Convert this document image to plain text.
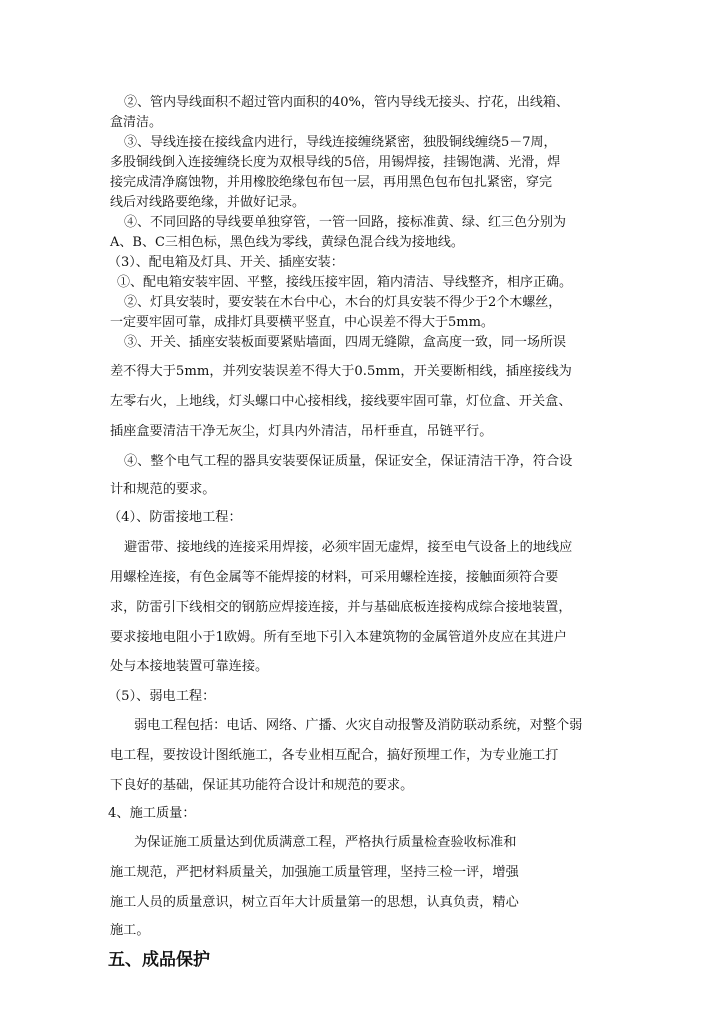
②、管内导线面积不超过管内面积的40%，管内导线无接头、拧花，出线箱、
盒清洁。
③、导线连接在接线盒内进行，导线连接缠绕紧密，独股铜线缠绕5－7周，
多股铜线倒入连接缠绕长度为双根导线的5倍，用锡焊接，挂锡饱满、光滑，焊
接完成清净腐蚀物，并用橡胶绝缘包布包一层，再用黑色包布包扎紧密，穿完
线后对线路要绝缘，并做好记录。
④、不同回路的导线要单独穿管，一管一回路，接标准黄、绿、红三色分别为
A、B、C三相色标，黑色线为零线，黄绿色混合线为接地线。
（3）、配电箱及灯具、开关、插座安装：
①、配电箱安装牢固、平整，接线压接牢固，箱内清洁、导线整齐，相序正确。
②、灯具安装时，要安装在木台中心，木台的灯具安装不得少于2个木螺丝，
一定要牢固可靠，成排灯具要横平竖直，中心误差不得大于5mm。
③、开关、插座安装板面要紧贴墙面，四周无缝隙，盒高度一致，同一场所误
差不得大于5mm，并列安装误差不得大于0.5mm，开关要断相线，插座接线为
左零右火，上地线，灯头螺口中心接相线，接线要牢固可靠，灯位盒、开关盒、
插座盒要清洁干净无灰尘，灯具内外清洁，吊杆垂直，吊链平行。
④、整个电气工程的器具安装要保证质量，保证安全，保证清洁干净，符合设
计和规范的要求。
（4）、防雷接地工程：
避雷带、接地线的连接采用焊接，必须牢固无虚焊，接至电气设备上的地线应
用螺栓连接，有色金属等不能焊接的材料，可采用螺栓连接，接触面须符合要
求，防雷引下线相交的钢筋应焊接连接，并与基础底板连接构成综合接地装置，
要求接地电阻小于1欧姆。所有至地下引入本建筑物的金属管道外皮应在其进户
处与本接地装置可靠连接。
（5）、弱电工程：
弱电工程包括：电话、网络、广播、火灾自动报警及消防联动系统，对整个弱
电工程，要按设计图纸施工，各专业相互配合，搞好预埋工作，为专业施工打
下良好的基础，保证其功能符合设计和规范的要求。
4、施工质量：
为保证施工质量达到优质满意工程，严格执行质量检查验收标准和
施工规范，严把材料质量关，加强施工质量管理，坚持三检一评，增强
施工人员的质量意识，树立百年大计质量第一的思想，认真负责，精心
施工。
五、成品保护
